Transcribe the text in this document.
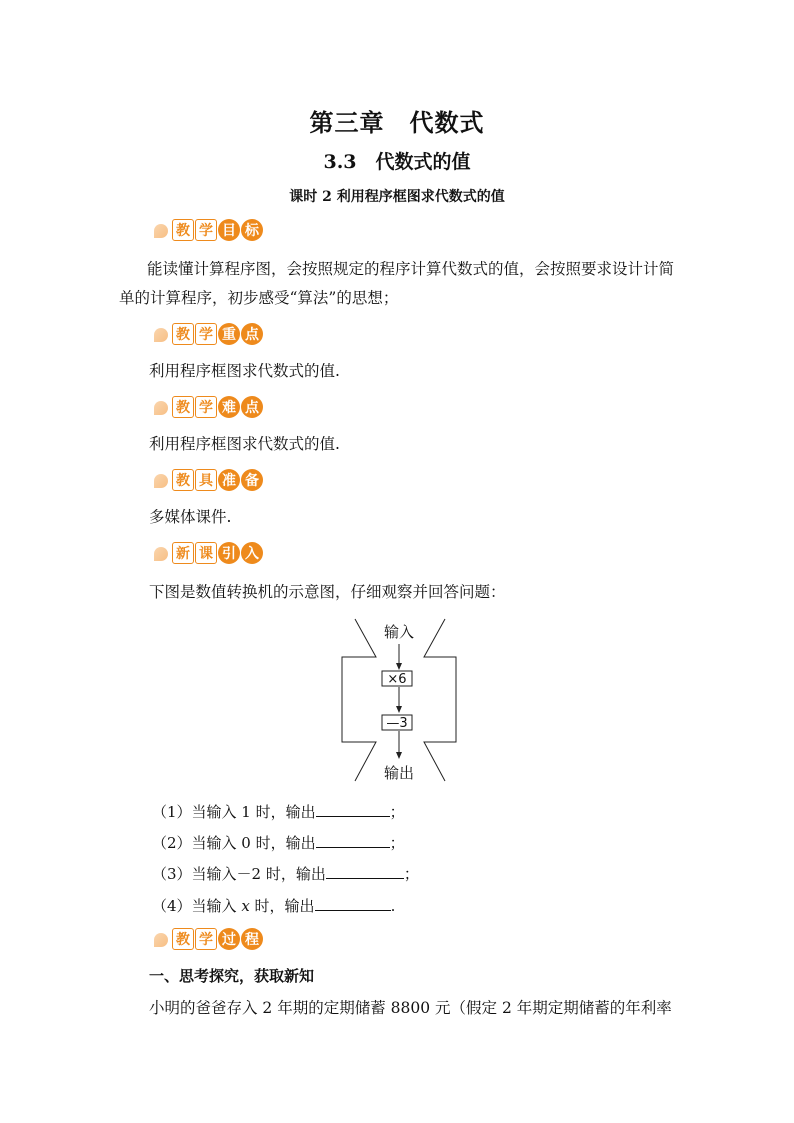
第三章　代数式
3.3　代数式的值
课时 2 利用程序框图求代数式的值
教 学 目 标
能读懂计算程序图，会按照规定的程序计算代数式的值，会按照要求设计计简
单的计算程序，初步感受“算法”的思想；
教 学 重 点
利用程序框图求代数式的值.
教 学 难 点
利用程序框图求代数式的值.
教 具 准 备
多媒体课件.
新 课 引 入
下图是数值转换机的示意图，仔细观察并回答问题：
输入
×6
—3
输出
（1）当输入 1 时，输出	；
（2）当输入 0 时，输出	；
（3）当输入－2 时，输出	；
（4）当输入 x 时，输出	.
教 学 过 程
一、思考探究，获取新知
小明的爸爸存入 2 年期的定期储蓄 8800 元（假定 2 年期定期储蓄的年利率
